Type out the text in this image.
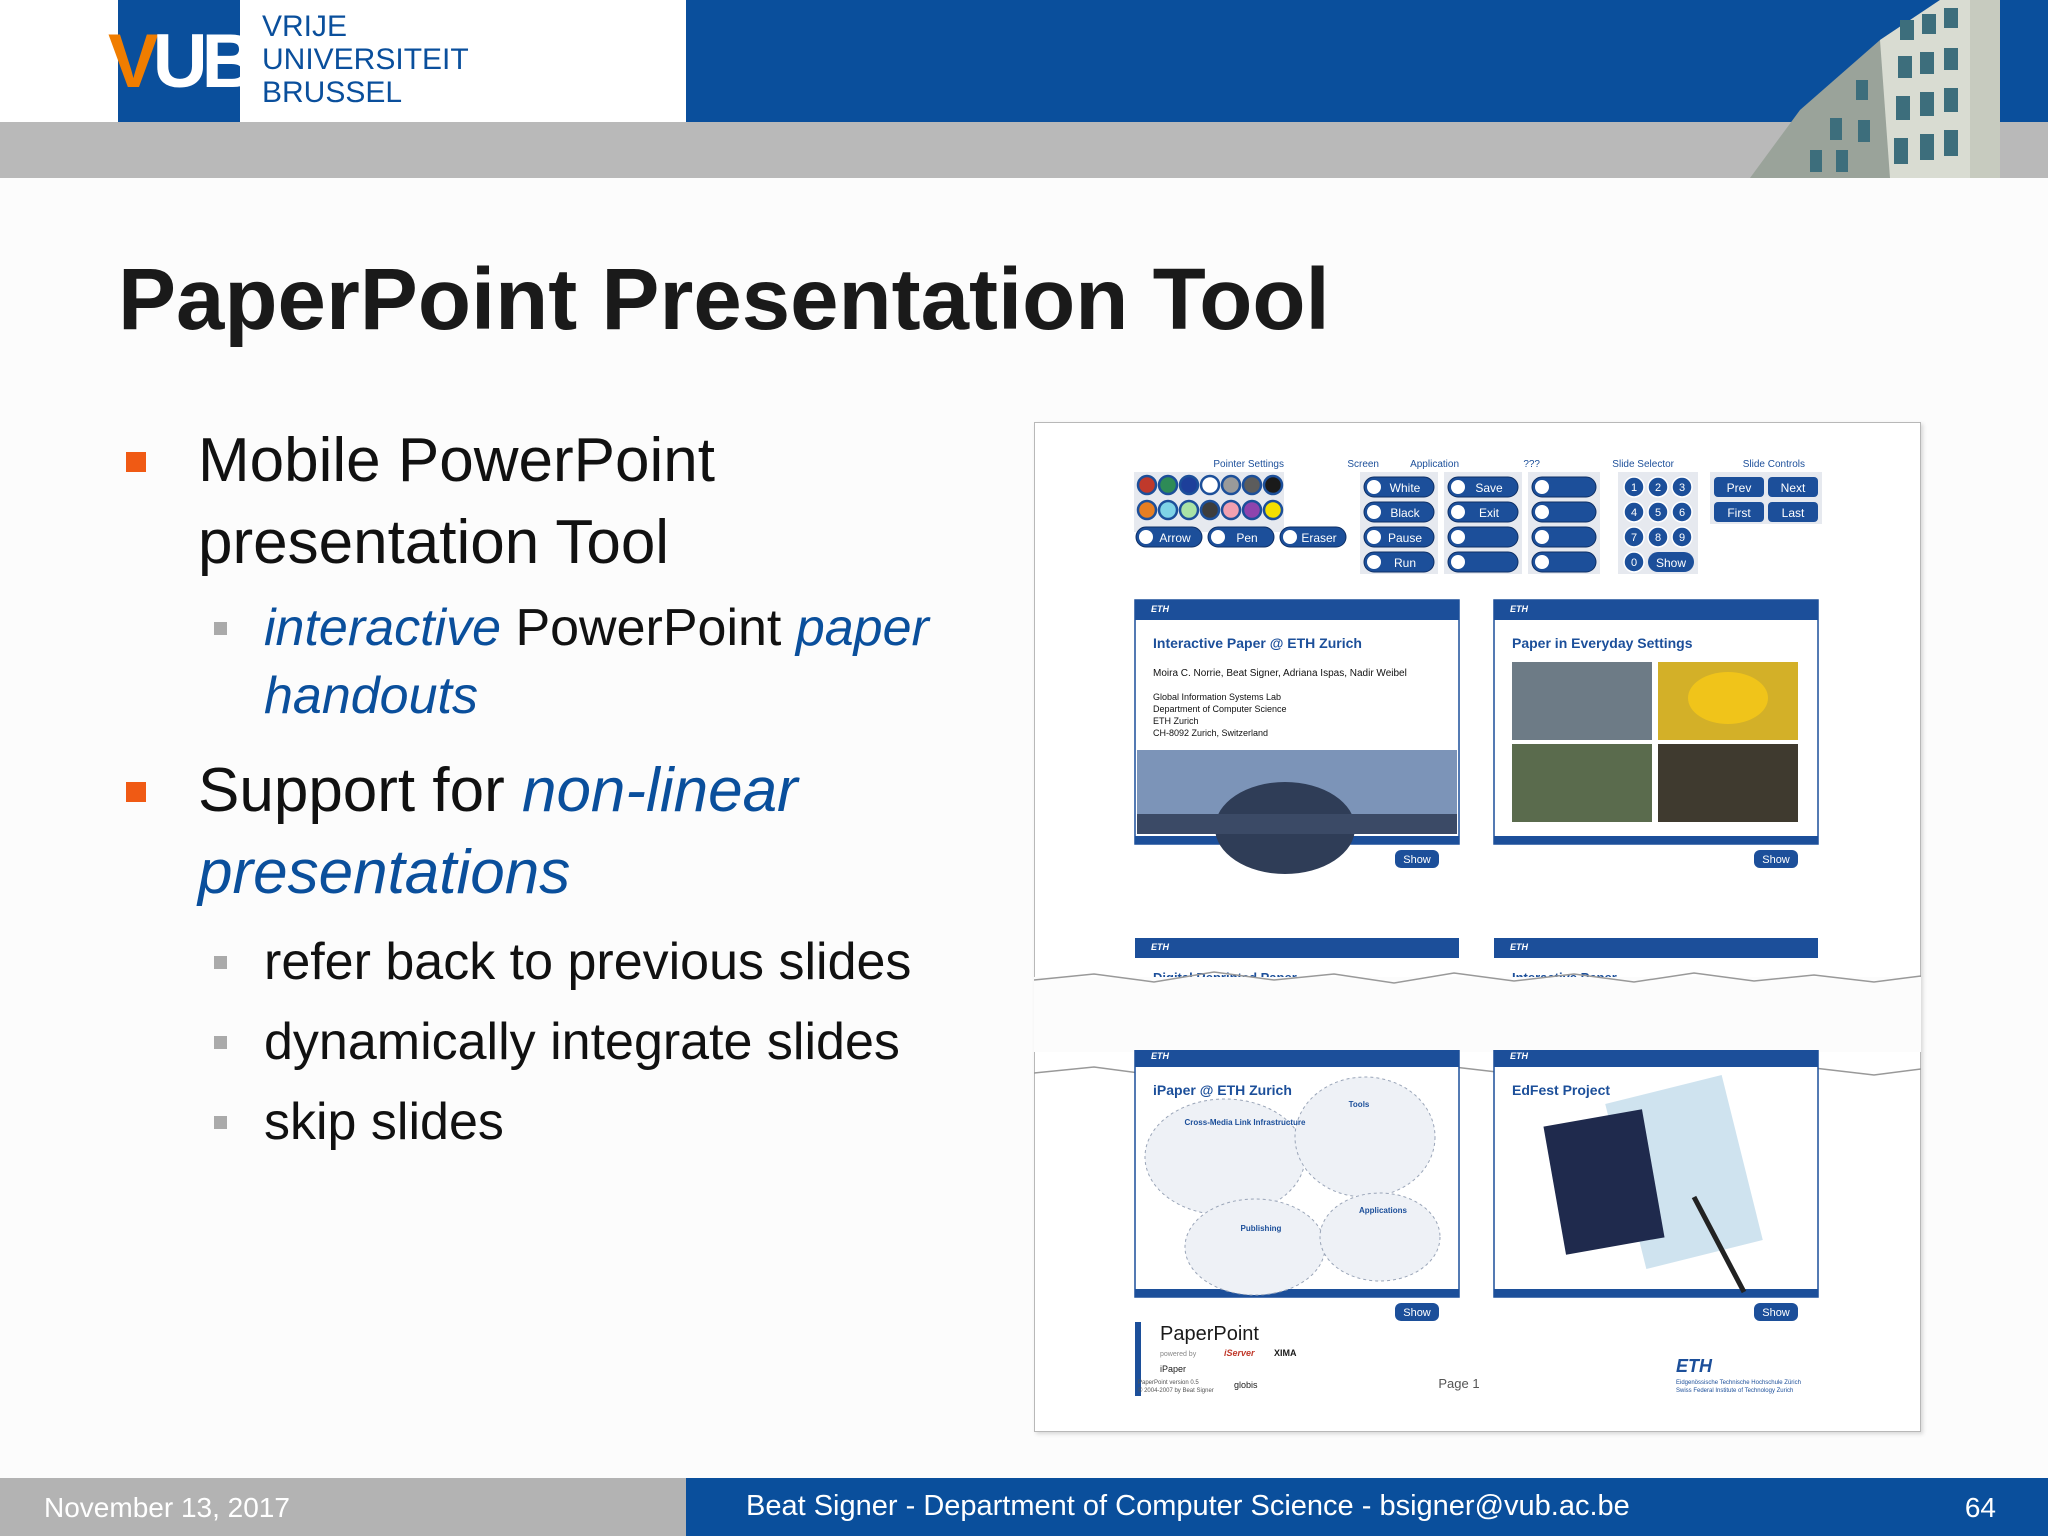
VUB VRIJE
UNIVERSITEIT
BRUSSEL
PaperPoint Presentation Tool
Mobile PowerPoint
presentation Tool
interactive PowerPoint paper handouts
Support for non-linear presentations
refer back to previous slides
dynamically integrate slides
skip slides
Pointer Settings	Screen	Application	???	Slide Selector	Slide Controls
Arrow	Pen	Eraser
White
Black
Pause
Run
Save
Exit
1 2 3
4 5 6
7 8 9
0 Show
Prev Next
First	Last
ETH
Interactive Paper @ ETH Zurich
Moira C. Norrie, Beat Signer, Adriana Ispas, Nadir Weibel
Global Information Systems Lab
Department of Computer Science
ETH Zurich
CH-8092 Zurich, Switzerland
Show
ETH
Paper in Everyday Settings
Show
ETH	ETH
ETH
iPaper @ ETH Zurich
Cross-Media Link Infrastructure
Tools
Publishing
Applications
Show
ETH
EdFest Project
Show
PaperPoint
powered by	iServer XIMA
iPaper
globis
PaperPoint version 0.5
© 2004-2007 by Beat Signer	Page 1
ETH
Eidgenössische Technische Hochschule Zürich
Swiss Federal Institute of Technology Zurich
November 13, 2017	Beat Signer - Department of Computer Science - bsigner@vub.ac.be	64
